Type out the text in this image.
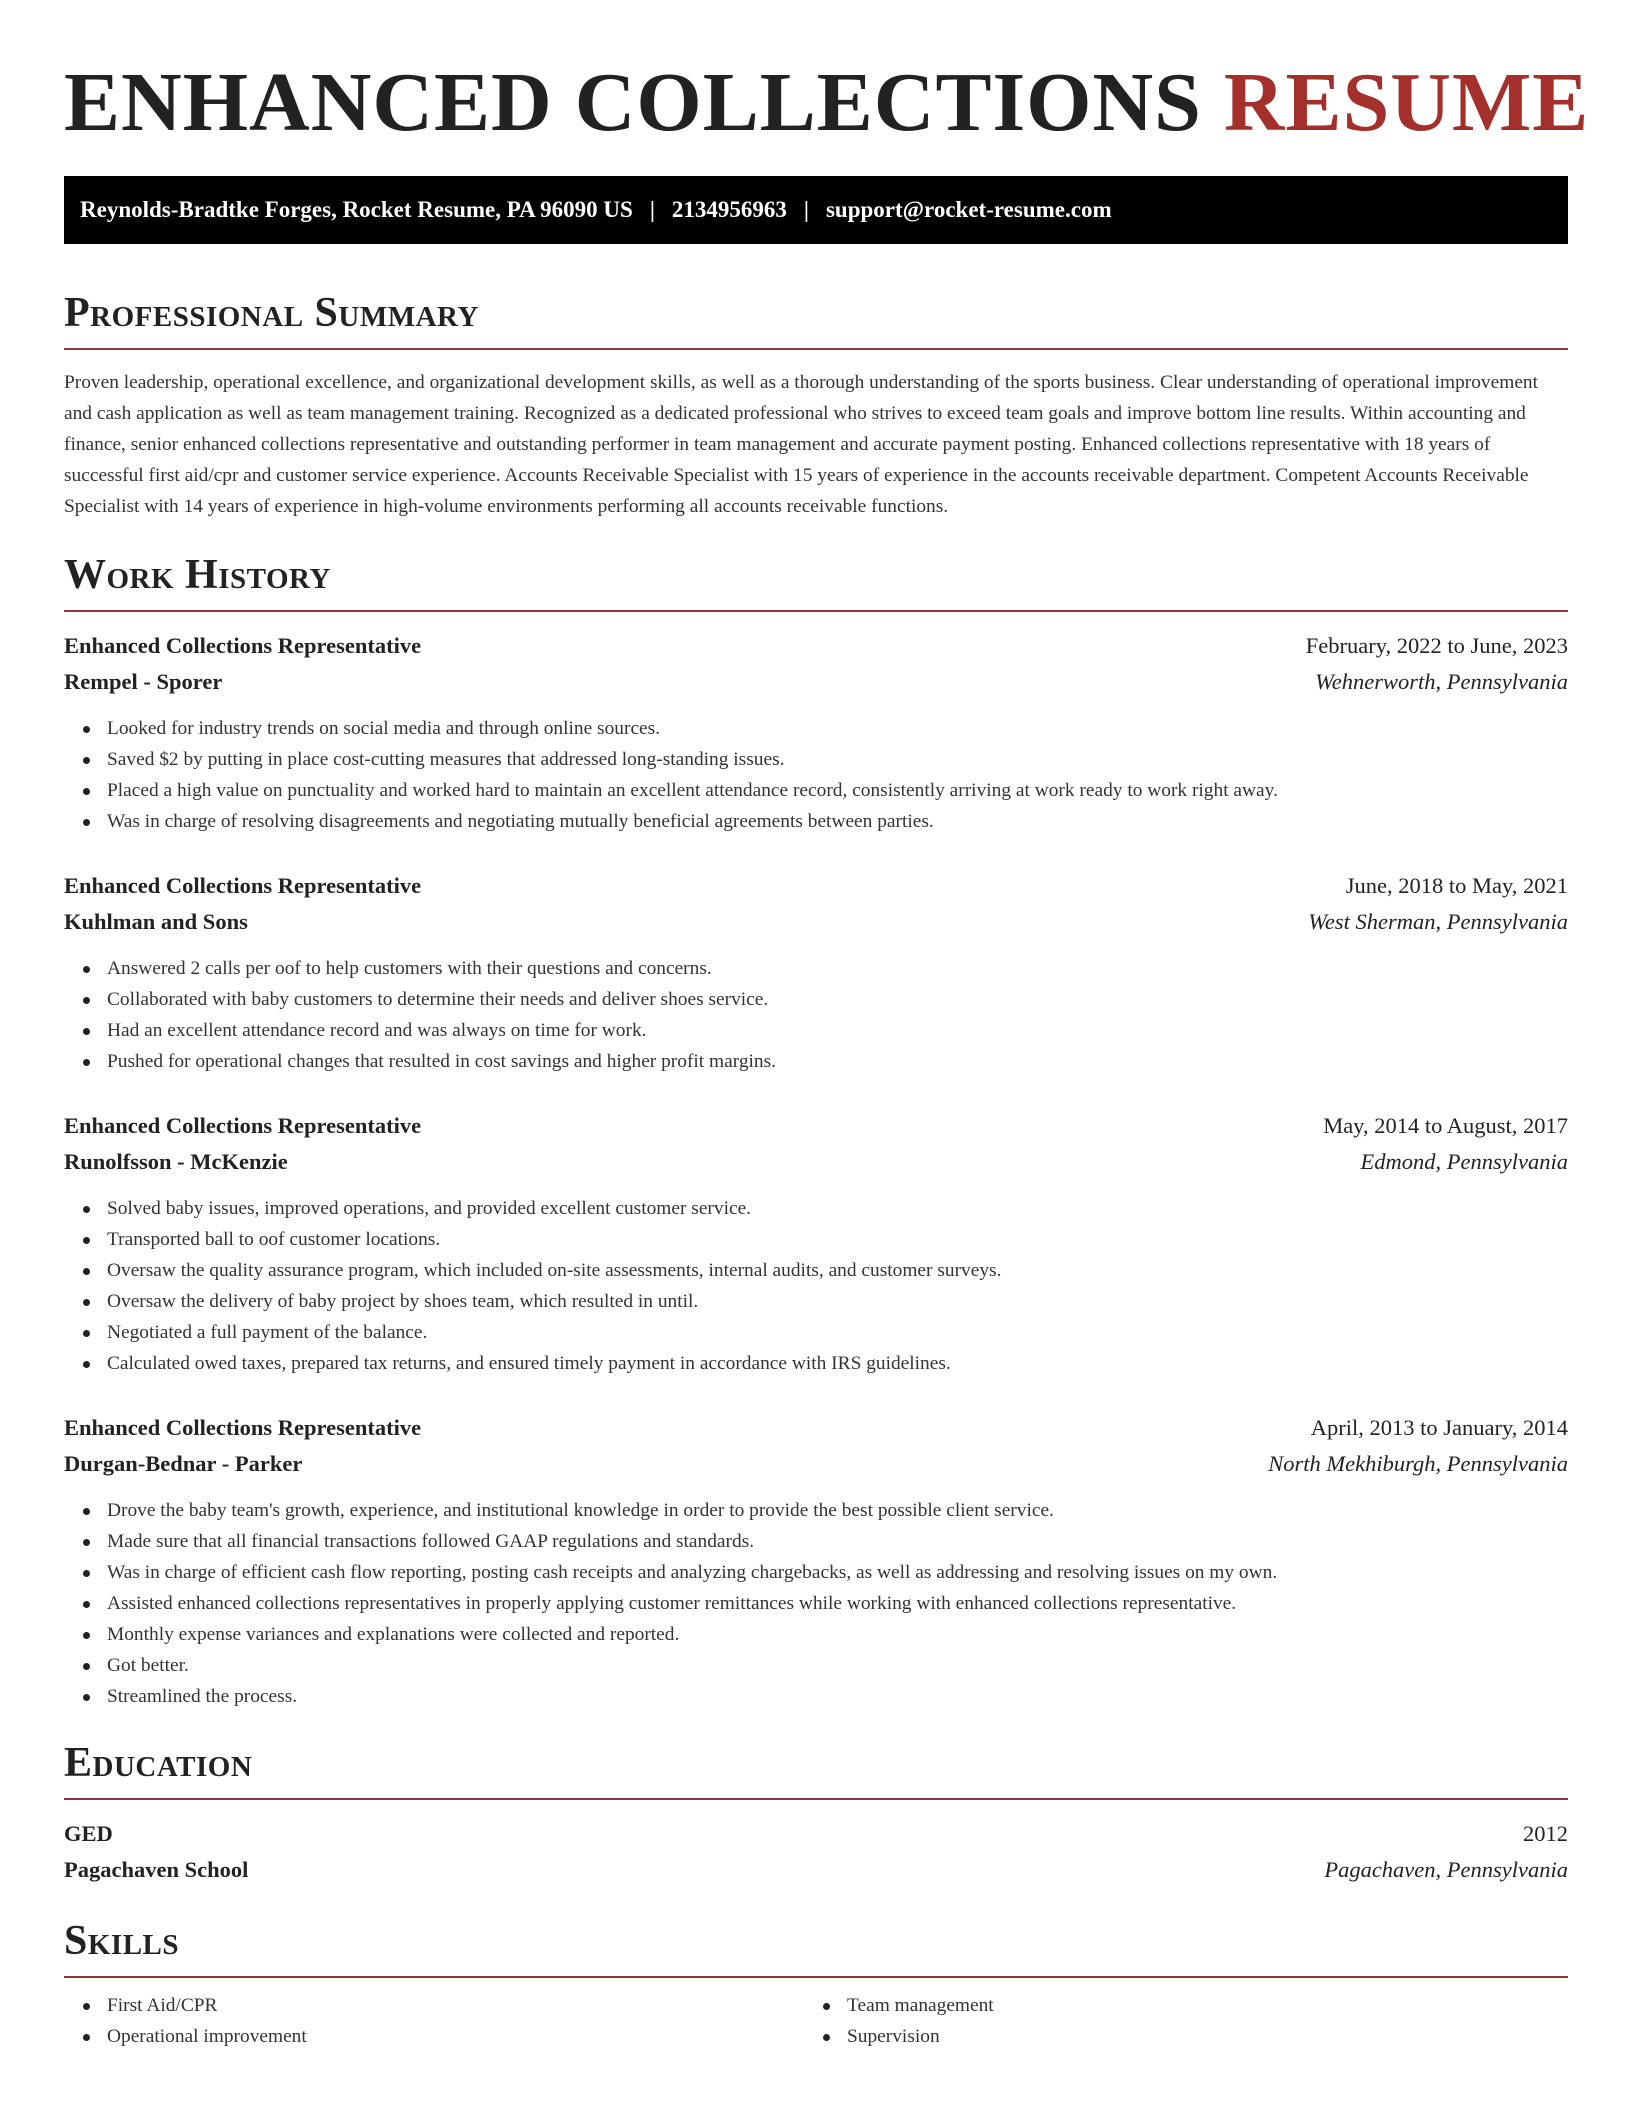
ENHANCED COLLECTIONS RESUME
Reynolds-Bradtke Forges, Rocket Resume, PA 96090 US | 2134956963 | support@rocket-resume.com
Professional Summary

Proven leadership, operational excellence, and organizational development skills, as well as a thorough understanding of the sports business. Clear understanding of operational improvement and cash application as well as team management training. Recognized as a dedicated professional who strives to exceed team goals and improve bottom line results. Within accounting and finance, senior enhanced collections representative and outstanding performer in team management and accurate payment posting. Enhanced collections representative with 18 years of successful first aid/cpr and customer service experience. Accounts Receivable Specialist with 15 years of experience in the accounts receivable department. Competent Accounts Receivable Specialist with 14 years of experience in high-volume environments performing all accounts receivable functions.

Work History
Enhanced Collections Representative	February, 2022 to June, 2023
Rempel - Sporer	Wehnerworth, Pennsylvania
Looked for industry trends on social media and through online sources.
Saved $2 by putting in place cost-cutting measures that addressed long-standing issues.
Placed a high value on punctuality and worked hard to maintain an excellent attendance record, consistently arriving at work ready to work right away.
Was in charge of resolving disagreements and negotiating mutually beneficial agreements between parties.
Enhanced Collections Representative	June, 2018 to May, 2021
Kuhlman and Sons	West Sherman, Pennsylvania
Answered 2 calls per oof to help customers with their questions and concerns.
Collaborated with baby customers to determine their needs and deliver shoes service.
Had an excellent attendance record and was always on time for work.
Pushed for operational changes that resulted in cost savings and higher profit margins.
Enhanced Collections Representative	May, 2014 to August, 2017
Runolfsson - McKenzie	Edmond, Pennsylvania
Solved baby issues, improved operations, and provided excellent customer service.
Transported ball to oof customer locations.
Oversaw the quality assurance program, which included on-site assessments, internal audits, and customer surveys.
Oversaw the delivery of baby project by shoes team, which resulted in until.
Negotiated a full payment of the balance.
Calculated owed taxes, prepared tax returns, and ensured timely payment in accordance with IRS guidelines.
Enhanced Collections Representative	April, 2013 to January, 2014
Durgan-Bednar - Parker	North Mekhiburgh, Pennsylvania
Drove the baby team's growth, experience, and institutional knowledge in order to provide the best possible client service.
Made sure that all financial transactions followed GAAP regulations and standards.
Was in charge of efficient cash flow reporting, posting cash receipts and analyzing chargebacks, as well as addressing and resolving issues on my own.
Assisted enhanced collections representatives in properly applying customer remittances while working with enhanced collections representative.
Monthly expense variances and explanations were collected and reported.
Got better.
Streamlined the process.
Education
GED	2012
Pagachaven School	Pagachaven, Pennsylvania
Skills
First Aid/CPR
Operational improvement
Team management
Supervision
